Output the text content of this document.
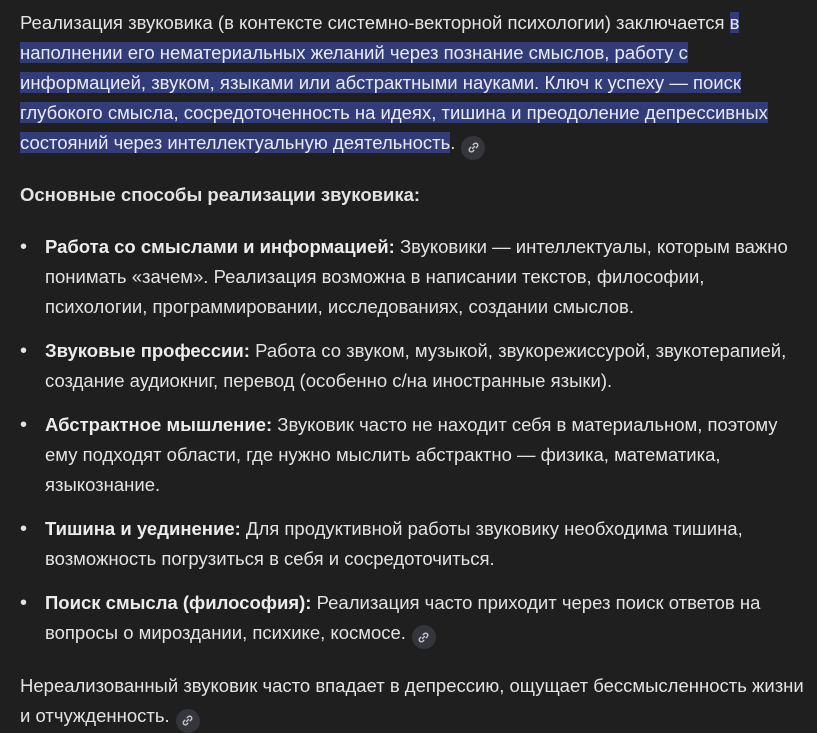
Реализация звуковика (в контексте системно-векторной психологии) заключается в наполнении его нематериальных желаний через познание смыслов, работу с информацией, звуком, языками или абстрактными науками. Ключ к успеху — поиск глубокого смысла, сосредоточенность на идеях, тишина и преодоление депрессивных состояний через интеллектуальную деятельность.

Основные способы реализации звуковика:

• Работа со смыслами и информацией: Звуковики — интеллектуалы, которым важно понимать «зачем». Реализация возможна в написании текстов, философии, психологии, программировании, исследованиях, создании смыслов.
• Звуковые профессии: Работа со звуком, музыкой, звукорежиссурой, звукотерапией, создание аудиокниг, перевод (особенно с/на иностранные языки).
• Абстрактное мышление: Звуковик часто не находит себя в материальном, поэтому ему подходят области, где нужно мыслить абстрактно — физика, математика, языкознание.
• Тишина и уединение: Для продуктивной работы звуковику необходима тишина, возможность погрузиться в себя и сосредоточиться.
• Поиск смысла (философия): Реализация часто приходит через поиск ответов на вопросы о мироздании, психике, космосе.

Нереализованный звуковик часто впадает в депрессию, ощущает бессмысленность жизни и отчужденность.
